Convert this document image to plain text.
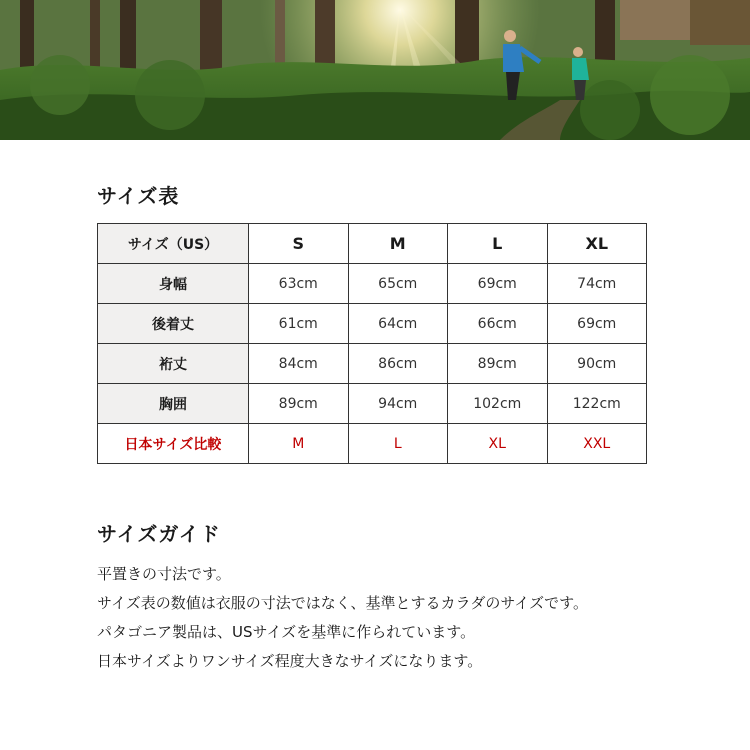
サイズ表
サイズ（US）	S	M	L	XL
身幅	63cm	65cm	69cm	74cm
後着丈	61cm	64cm	66cm	69cm
裄丈	84cm	86cm	89cm	90cm
胸囲	89cm	94cm	102cm	122cm
日本サイズ比較	M	L	XL	XXL
サイズガイド
平置きの寸法です。
サイズ表の数値は衣服の寸法ではなく、基準とするカラダのサイズです。
パタゴニア製品は、USサイズを基準に作られています。
日本サイズよりワンサイズ程度大きなサイズになります。
